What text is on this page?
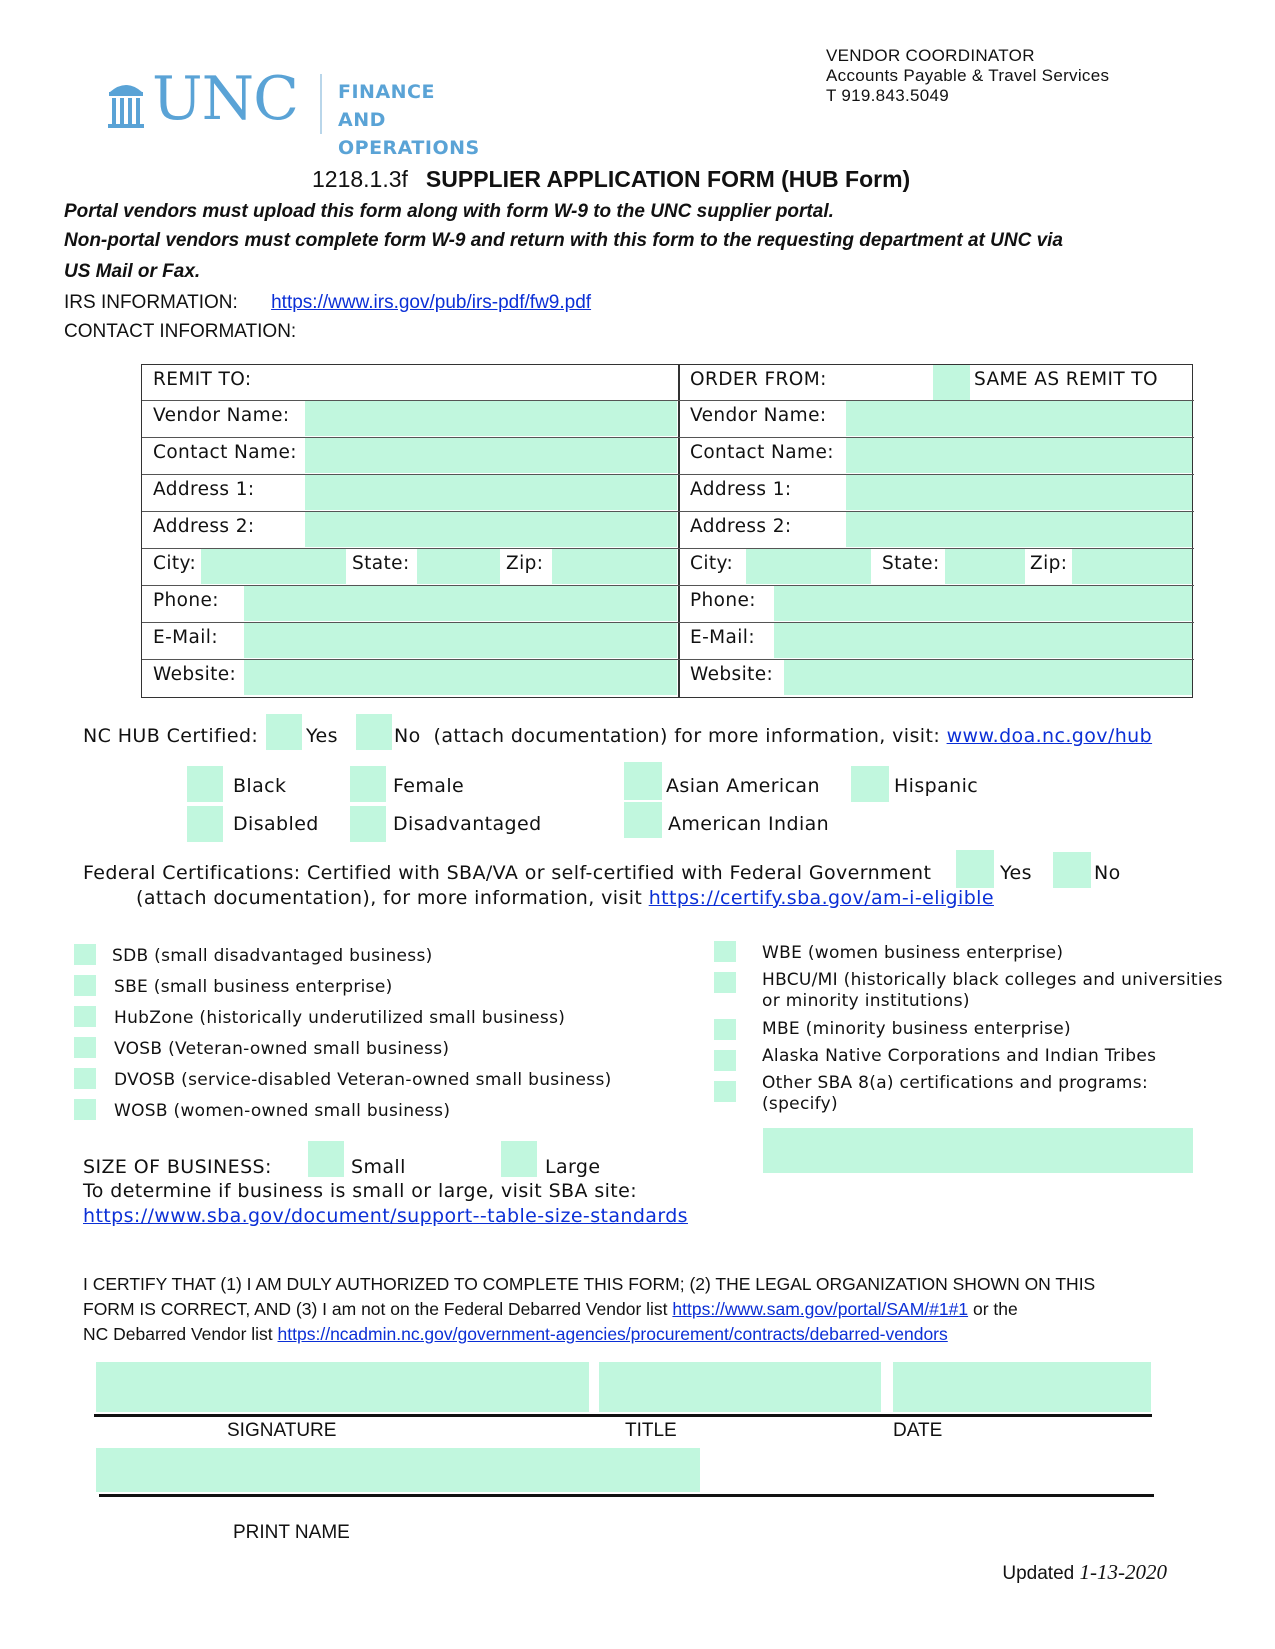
UNC FINANCE AND
OPERATIONS
VENDOR COORDINATOR
Accounts Payable & Travel Services
T 919.843.5049
1218.1.3f SUPPLIER APPLICATION FORM (HUB Form)
Portal vendors must upload this form along with form W-9 to the UNC supplier portal.
Non-portal vendors must complete form W-9 and return with this form to the requesting department at UNC via
US Mail or Fax.
IRS INFORMATION: https://www.irs.gov/pub/irs-pdf/fw9.pdf
CONTACT INFORMATION:
REMIT TO:
Vendor Name:
Contact Name:
Address 1:
Address 2:
City:	State:	Zip:
Phone:
E-Mail:
Website:
ORDER FROM:	SAME AS REMIT TO
Vendor Name:
Contact Name:
Address 1:
Address 2:
City:	State:	Zip:
Phone:
E-Mail:
Website:
NC HUB Certified:	Yes	No (attach documentation) for more information, visit: www.doa.nc.gov/hub
Black	Female	Asian American	Hispanic
Disabled	Disadvantaged	American Indian
Federal Certifications: Certified with SBA/VA or self-certified with Federal Government	Yes	No
(attach documentation), for more information, visit https://certify.sba.gov/am-i-eligible
SDB (small disadvantaged business)
SBE (small business enterprise)
HubZone (historically underutilized small business)
VOSB (Veteran-owned small business)
DVOSB (service-disabled Veteran-owned small business)
WOSB (women-owned small business)
WBE (women business enterprise)
HBCU/MI (historically black colleges and universities
or minority institutions)
MBE (minority business enterprise)
Alaska Native Corporations and Indian Tribes
Other SBA 8(a) certifications and programs:
(specify)
SIZE OF BUSINESS:	Small	Large
To determine if business is small or large, visit SBA site:
https://www.sba.gov/document/support--table-size-standards
I CERTIFY THAT (1) I AM DULY AUTHORIZED TO COMPLETE THIS FORM; (2) THE LEGAL ORGANIZATION SHOWN ON THIS
FORM IS CORRECT, AND (3) I am not on the Federal Debarred Vendor list https://www.sam.gov/portal/SAM/#1#1 or the
NC Debarred Vendor list https://ncadmin.nc.gov/government-agencies/procurement/contracts/debarred-vendors
SIGNATURE	TITLE	DATE
PRINT NAME
Updated 1-13-2020
